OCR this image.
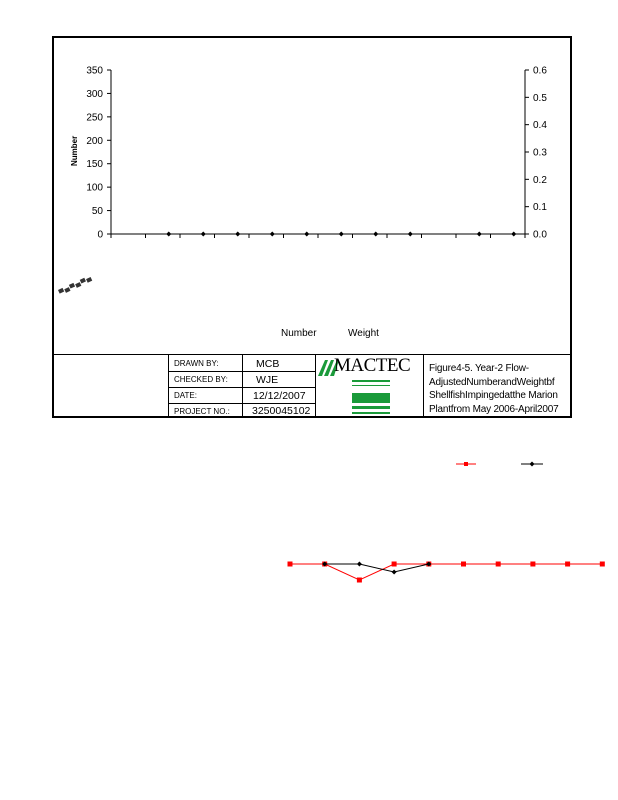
0
50
100
150
200
250
300
350
0.0
0.1
0.2
0.3
0.4
0.5
0.6
Number
Number	Weight
DRAWN BY:	MCB
CHECKED BY:	WJE
DATE:	12/12/2007
PROJECT NO.: 3250045102
MACTEC Figure4-5. Year-2 Flow-
AdjustedNumberandWeightbf
ShellfishImpingedatthe Marion
Plantfrom May 2006-April2007
